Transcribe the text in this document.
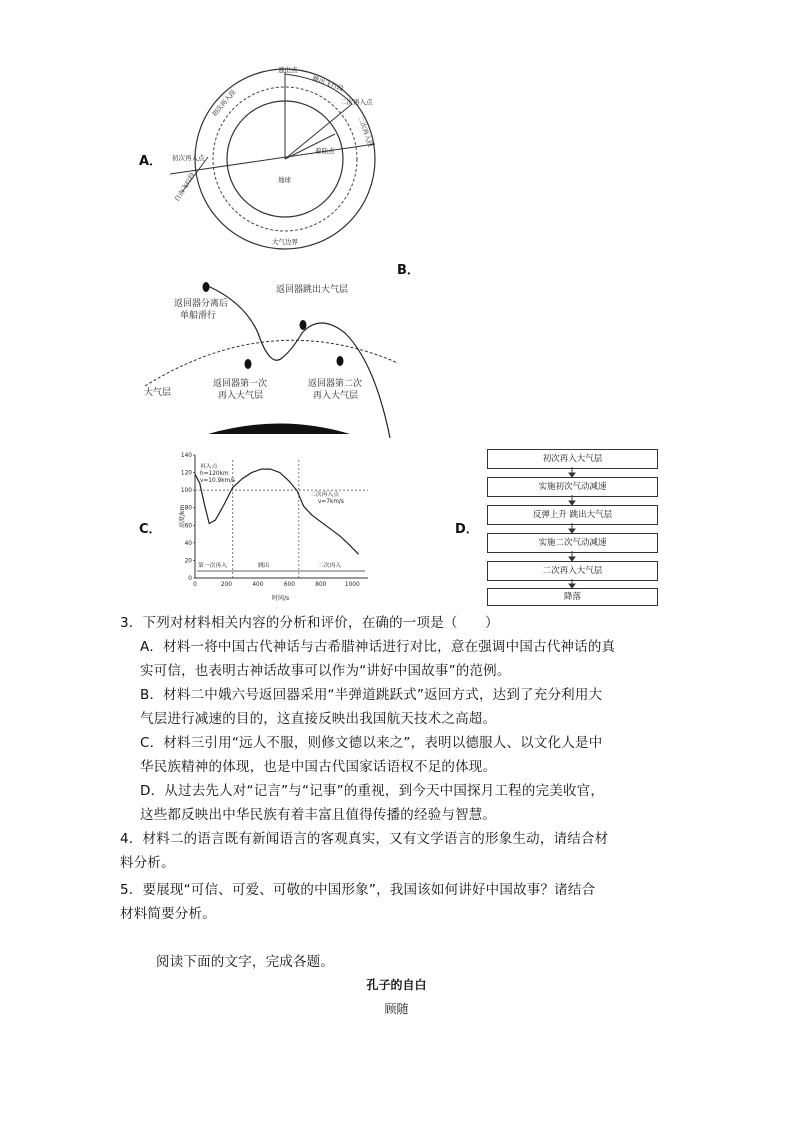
A．
B．
C．	D．
逃出点
跳出飞行段
初次再入段	二次再入点
二次再入段
初次再入点
自由飞行段
着陆点
地球
大气边界
返回器分离后
单船滑行
返回器跳出大气层
返回器第一次
再入大气层
返回器第二次
再入大气层
大气层
0
20
40
60
80
100
120
140
0	200	400	600	800	1000
高度/km
时间/s
再入点
h=120km
v=10.9km/s
二次再入点
v=7km/s
第一次再入	跳出	二次再入
初次再入大气层
实施初次气动减速
反弹上升 跳出大气层
实施二次气动减速
二次再入大气层
降落
3．下列对材料相关内容的分析和评价，在确的一项是（　　）
A．材料一将中国古代神话与古希腊神话进行对比，意在强调中国古代神话的真
实可信，也表明古神话故事可以作为“讲好中国故事”的范例。
B．材料二中娥六号返回器采用“半弹道跳跃式”返回方式，达到了充分利用大
气层进行减速的目的，这直接反映出我国航天技术之高超。
C．材料三引用“远人不服，则修文德以来之”，表明以德服人、以文化人是中
华民族精神的体现，也是中国古代国家话语权不足的体现。
D．从过去先人对“记言”与“记事”的重视，到今天中国探月工程的完美收官，
这些都反映出中华民族有着丰富且值得传播的经验与智慧。
4．材料二的语言既有新闻语言的客观真实，又有文学语言的形象生动，请结合材
料分析。
5．要展现“可信、可爱、可敬的中国形象”，我国该如何讲好中国故事？诸结合
材料简要分析。
阅读下面的文字，完成各题。
孔子的自白
顾随
